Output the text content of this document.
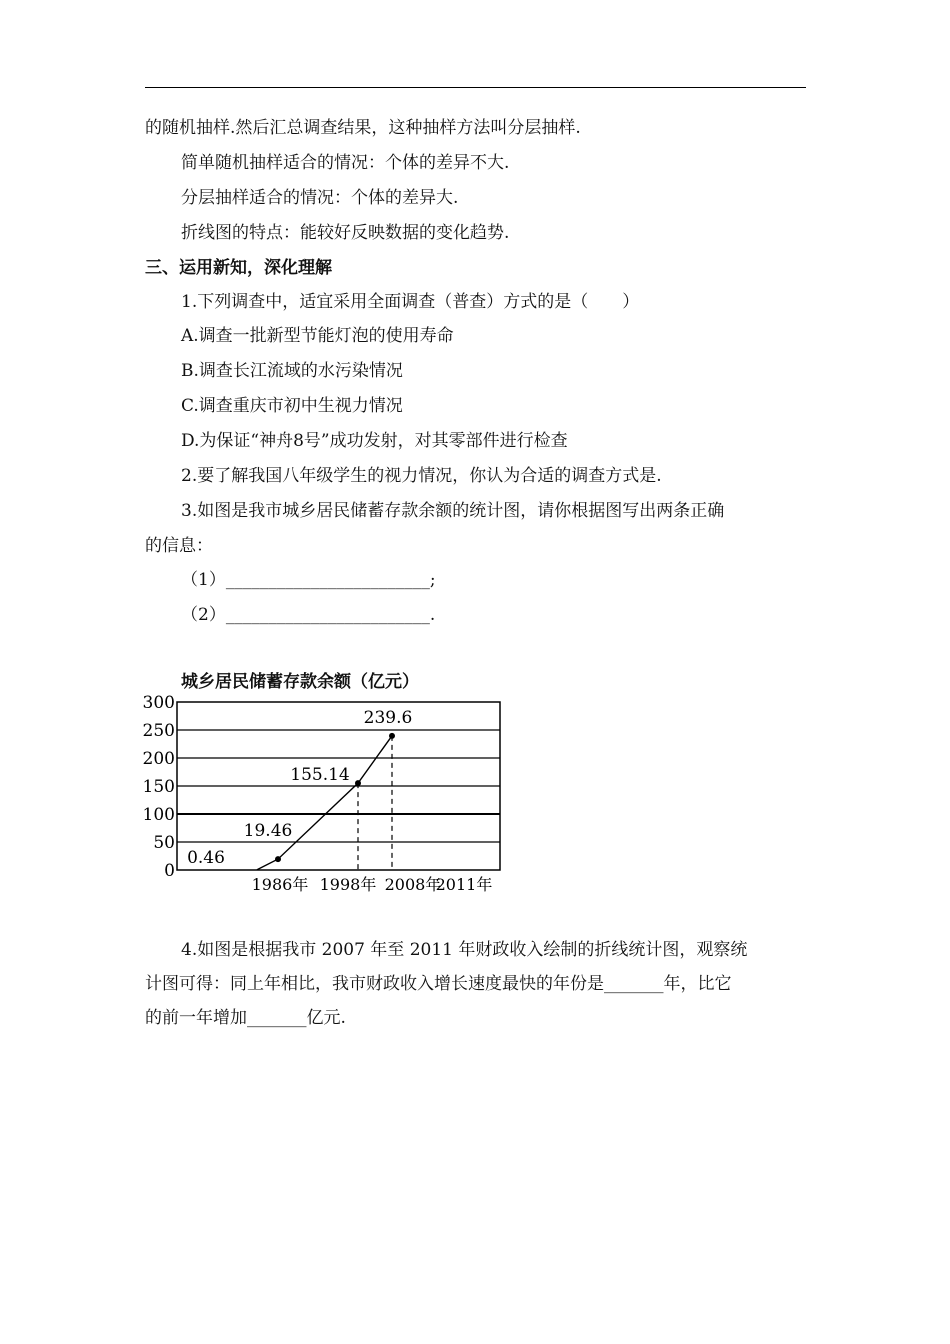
的随机抽样.然后汇总调查结果，这种抽样方法叫分层抽样.
简单随机抽样适合的情况：个体的差异不大.
分层抽样适合的情况：个体的差异大.
折线图的特点：能较好反映数据的变化趋势.
三、运用新知，深化理解
1.下列调查中，适宜采用全面调查（普查）方式的是（　　）
A.调查一批新型节能灯泡的使用寿命
B.调查长江流域的水污染情况
C.调查重庆市初中生视力情况
D.为保证“神舟8号”成功发射，对其零部件进行检查
2.要了解我国八年级学生的视力情况，你认为合适的调查方式是.
3.如图是我市城乡居民储蓄存款余额的统计图，请你根据图写出两条正确
的信息：
（1）________________________;
（2）________________________.
城乡居民储蓄存款余额（亿元）
0
50
100
150
200
250
300
1986年 1998年 2008年
2011年
0.46
19.46
155.14
239.6
4.如图是根据我市 2007 年至 2011 年财政收入绘制的折线统计图，观察统
计图可得：同上年相比，我市财政收入增长速度最快的年份是_______年，比它
的前一年增加_______亿元.
